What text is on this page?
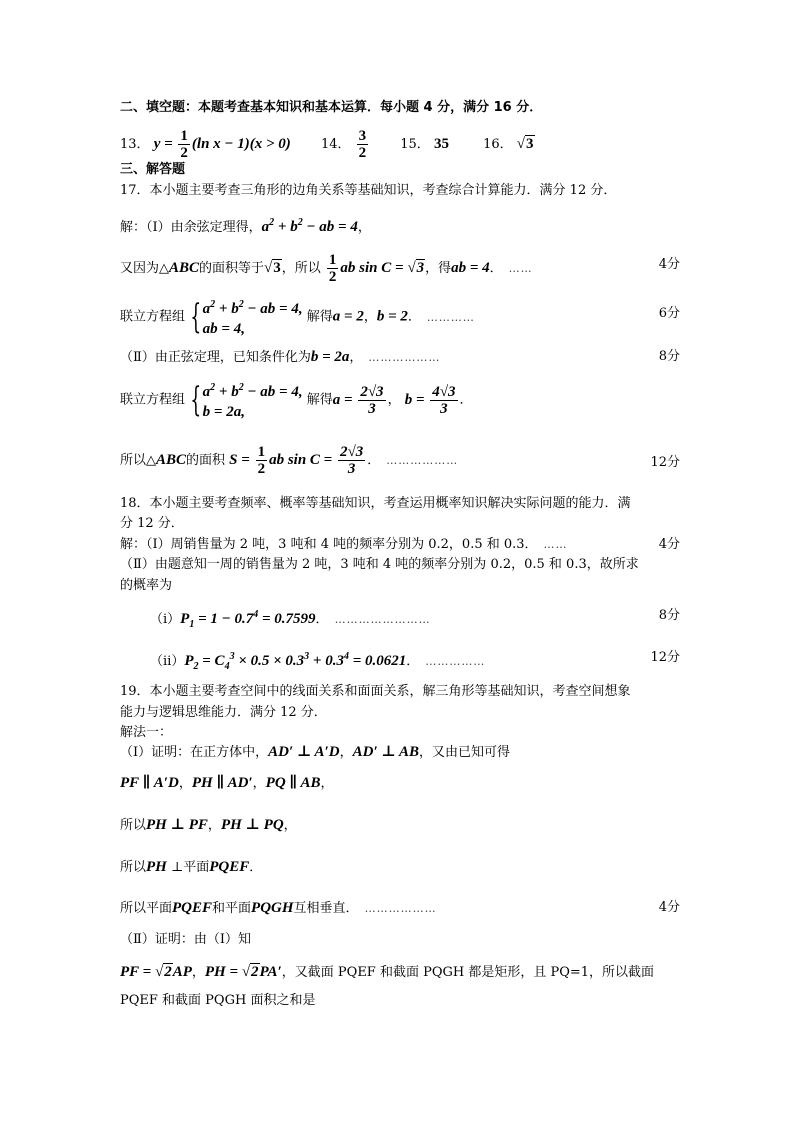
二、填空题：本题考查基本知识和基本运算．每小题 4 分，满分 16 分．
13． $y = \frac{1}{2} (\ln$ x − 1)(x > 0) 14． $\frac{3}{2} 15$． 35	16． √3
三、解答题
17．本小题主要考查三角形的边角关系等基础知识，考查综合计算能力．满分 12 分．
解：（Ⅰ）由余弦定理得，$a^2 + b^2$ − ab = 4，
又因为△ABC的面积等于√3，所以 $\frac{1}{2}$ ab sin C = √3，得ab = 4． ……	4分
联立方程组 { $a^2 + b^2$ − ab = 4,
ab = 4,
解得a = 2，b = 2． …………	6分
（Ⅱ）由正弦定理，已知条件化为b = 2a， ………………	8分
联立方程组 { $a^2 + b^2$ − ab = 4,
b = 2a,
解得$a = \frac{2√3}{3}$ ， $b = \frac{4√3}{3}$ ．
所以△ABC的面积 $S = \frac{1}{2}$ ab $\sin C = \frac{2√3}{3}$ ． ………………	12分
18．本小题主要考查频率、概率等基础知识，考查运用概率知识解决实际问题的能力．满
分 12 分．
解：（Ⅰ）周销售量为 2 吨，3 吨和 4 吨的频率分别为 0.2，0.5 和 0.3． ……	4分
（Ⅱ）由题意知一周的销售量为 2 吨，3 吨和 4 吨的频率分别为 0.2，0.5 和 0.3，故所求
的概率为
$(ⅰ)P_1 = 1 - 0.7^4 = 0.7599$． ……………………	8分
$(ⅱ)P_2 = C_4^3 \times 0.5 \times 0.3^3 + 0.3^4 = 0.0621$． ……………	12分
19．本小题主要考查空间中的线面关系和面面关系，解三角形等基础知识，考查空间想象
能力与逻辑思维能力．满分 12 分．
解法一：
（Ⅰ）证明：在正方体中，AD′ ⊥ A′D，AD′ ⊥ AB，又由已知可得
PF ∥ A′D，PH ∥ AD′，PQ ∥ AB，
所以PH ⊥ PF，PH ⊥ PQ，
所以PH ⊥平面PQEF．
所以平面PQEF和平面PQGH互相垂直． ………………	4分
（Ⅱ）证明：由（Ⅰ）知
PF = √2AP，PH = √2PA′，又截面 PQEF 和截面 PQGH 都是矩形，且 PQ=1，所以截面
PQEF 和截面 PQGH 面积之和是
